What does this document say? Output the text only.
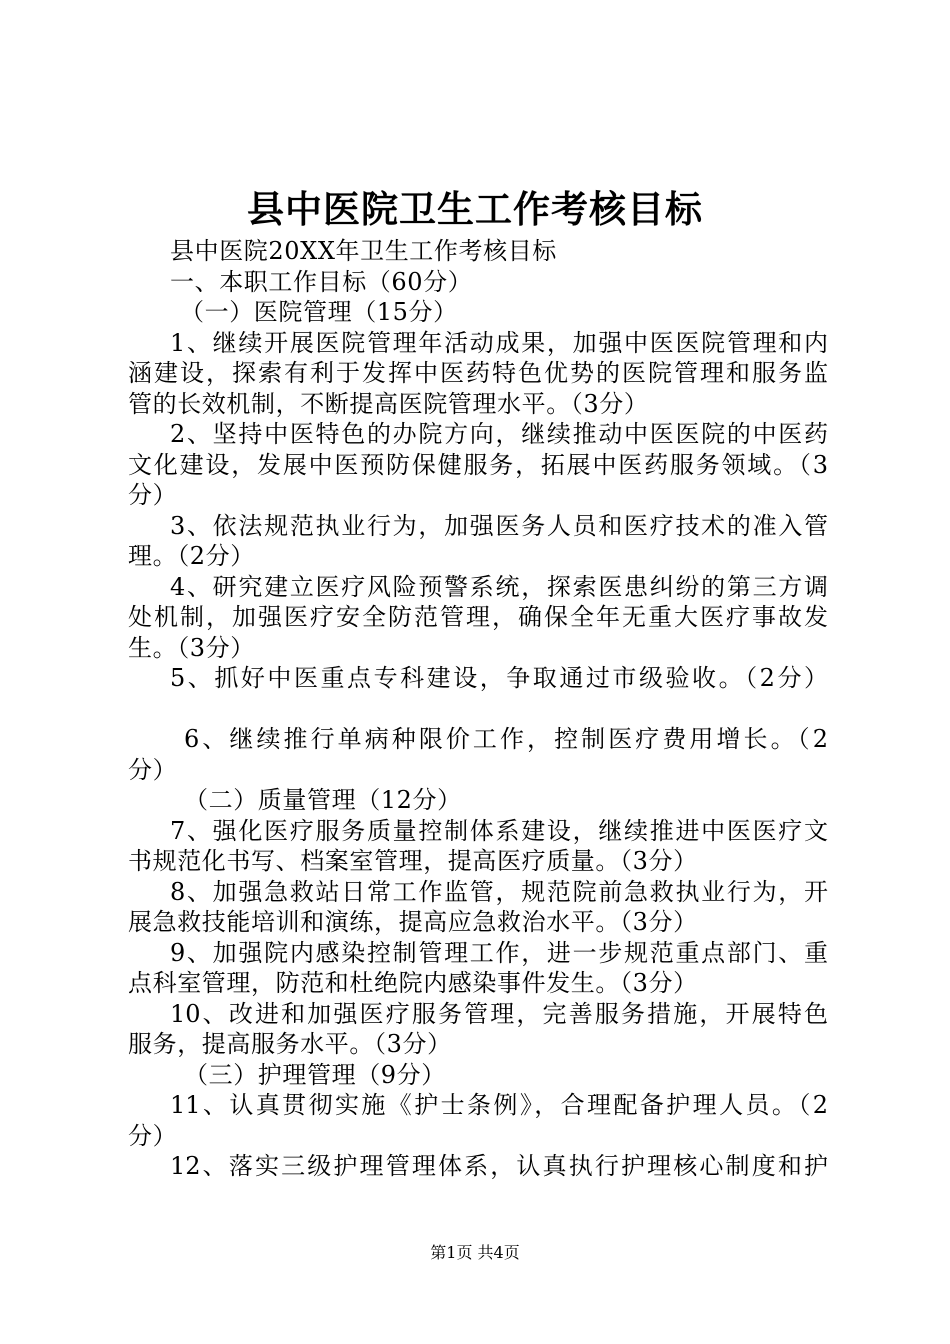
县中医院卫生工作考核目标

县中医院20XX年卫生工作考核目标

一、本职工作目标（60分）

（一）医院管理（15分）

1、继续开展医院管理年活动成果，加强中医医院管理和内

涵建设，探索有利于发挥中医药特色优势的医院管理和服务监

管的长效机制，不断提高医院管理水平。（3分）

2、坚持中医特色的办院方向，继续推动中医医院的中医药

文化建设，发展中医预防保健服务，拓展中医药服务领域。（3

分）

3、依法规范执业行为，加强医务人员和医疗技术的准入管

理。（2分）

4、研究建立医疗风险预警系统，探索医患纠纷的第三方调

处机制，加强医疗安全防范管理，确保全年无重大医疗事故发

生。（3分）

5、抓好中医重点专科建设，争取通过市级验收。（2分）

6、继续推行单病种限价工作，控制医疗费用增长。（2

分）

（二）质量管理（12分）

7、强化医疗服务质量控制体系建设，继续推进中医医疗文

书规范化书写、档案室管理，提高医疗质量。（3分）

8、加强急救站日常工作监管，规范院前急救执业行为，开

展急救技能培训和演练，提高应急救治水平。（3分）

9、加强院内感染控制管理工作，进一步规范重点部门、重

点科室管理，防范和杜绝院内感染事件发生。（3分）

10、改进和加强医疗服务管理，完善服务措施，开展特色

服务，提高服务水平。（3分）

（三）护理管理（9分）

11、认真贯彻实施《护士条例》，合理配备护理人员。（2

分）

12、落实三级护理管理体系，认真执行护理核心制度和护

第1页 共4页
